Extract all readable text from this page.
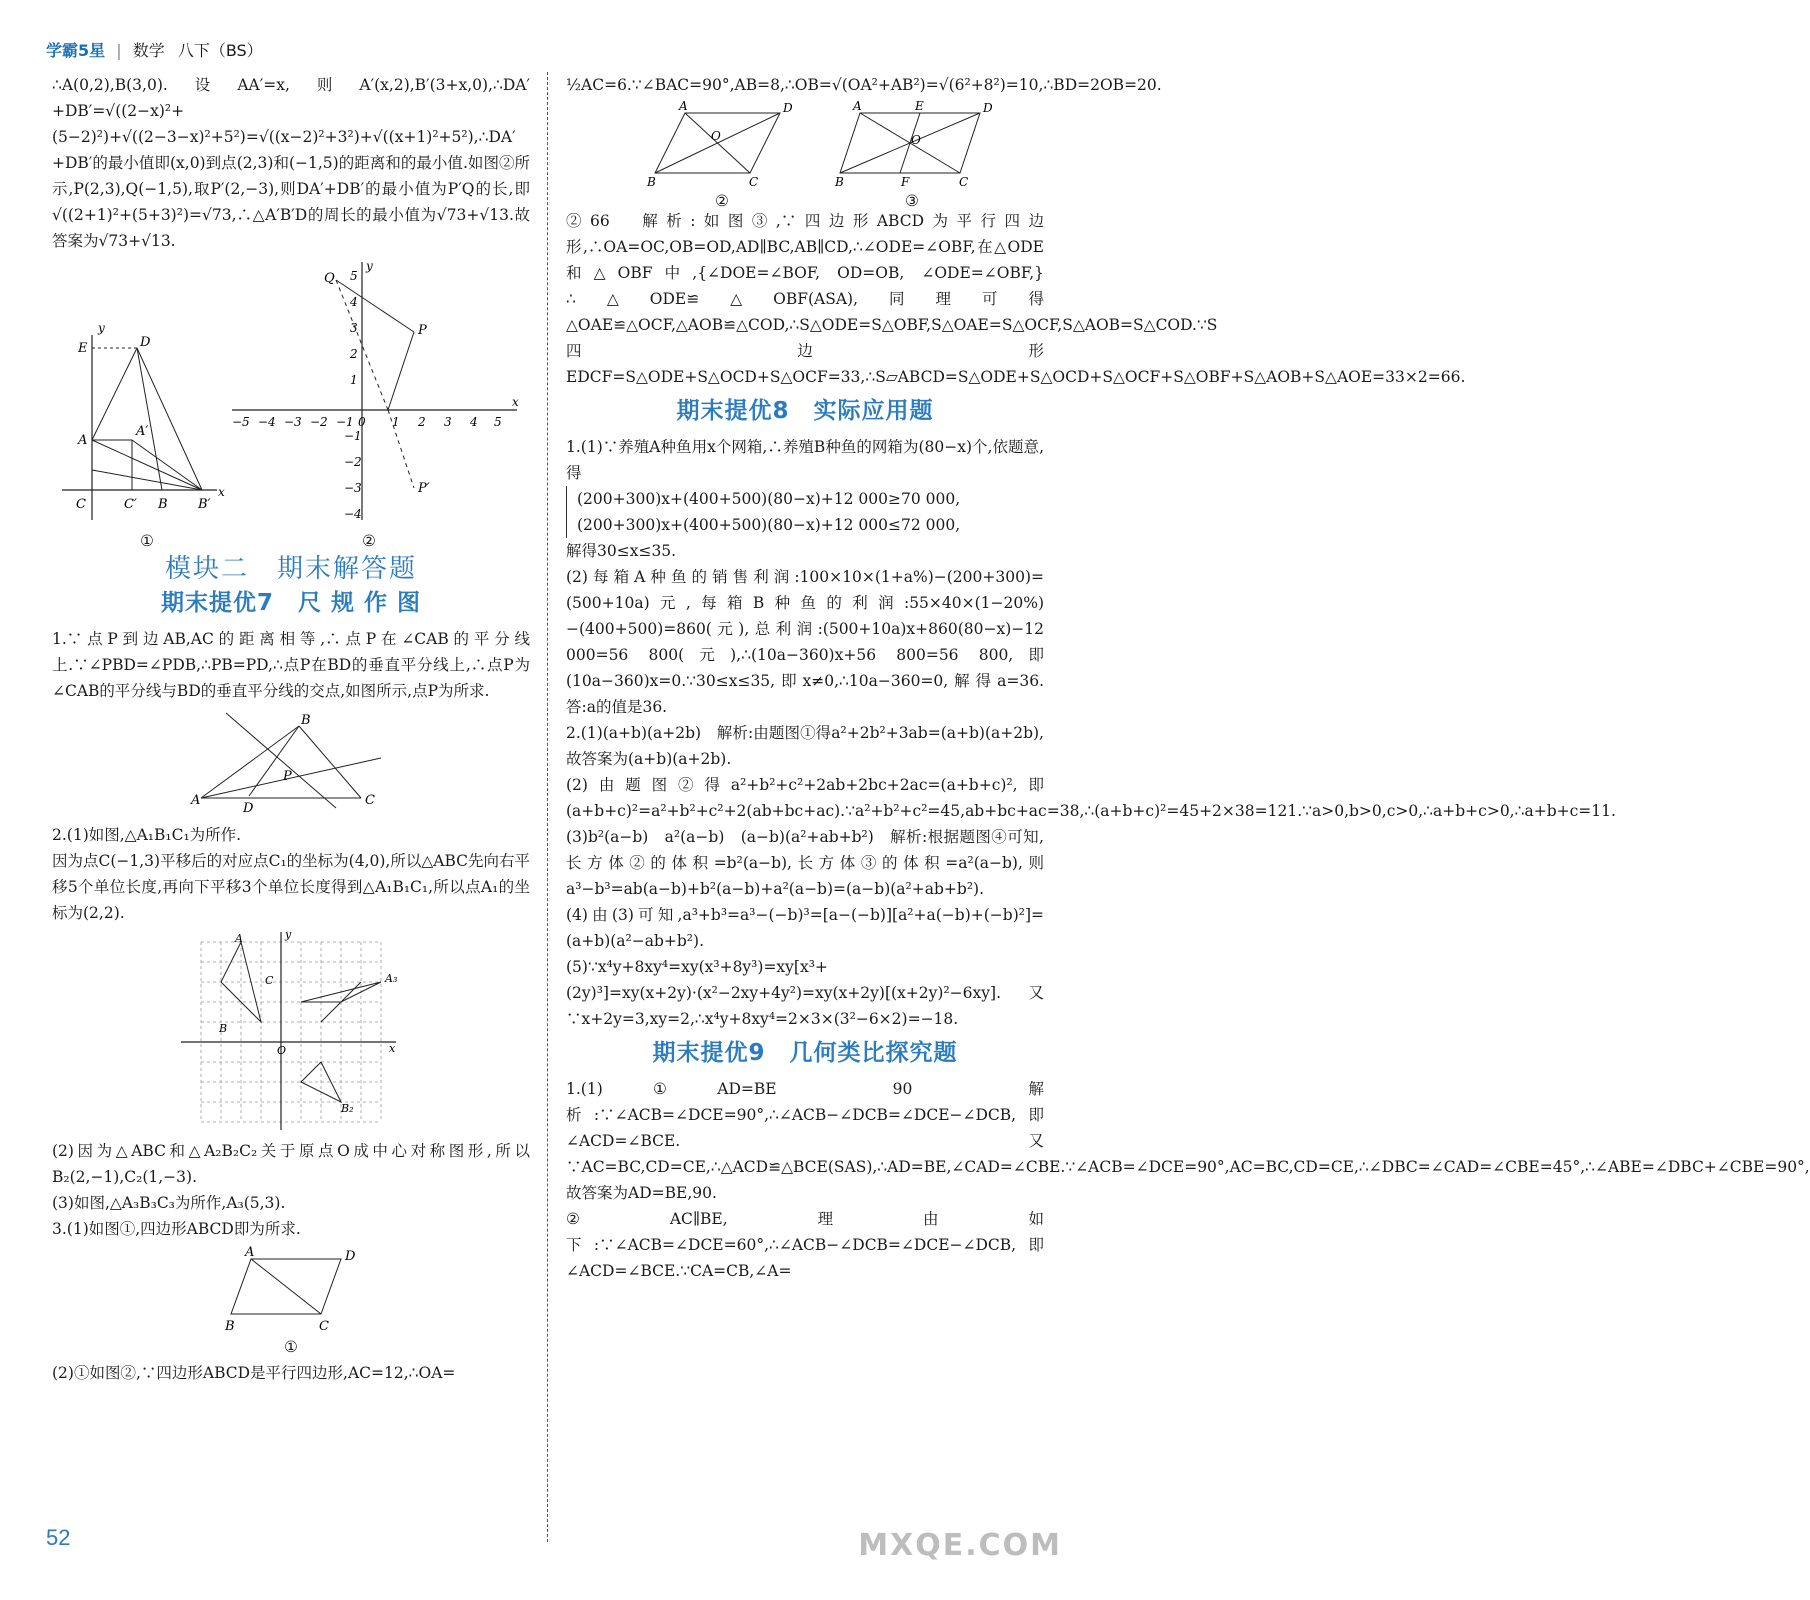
学霸5星 | 数学 八下（BS）

∴A(0,2),B(3,0).设AA′=x,则A′(x,2),B′(3+x,0),∴DA′+DB′=√((2−x)²+(5−2)²)+√((2−3−x)²+5²)=√((x−2)²+3²)+√((x+1)²+5²),∴DA′+DB′的最小值即(x,0)到点(2,3)和(−1,5)的距离和的最小值.如图②所示,P(2,3),Q(−1,5),取P′(2,−3),则DA′+DB′的最小值为P′Q的长,即√((2+1)²+(5+3)²)=√73,∴△A′B′D的周长的最小值为√73+√13.故答案为√73+√13.

E	D
A
A′
C	C′ B B′
x
y
−5 −4 −3 −2 −1 0 1 2 3 4 5
1
2
3
4
5
−1
−2
−3
−4
Q
P
P′
x
y
①	②
模块二　期末解答题
期末提优7　尺 规 作 图

1.∵点P到边AB,AC的距离相等,∴点P在∠CAB的平分线上.∵∠PBD=∠PDB,∴PB=PD,∴点P在BD的垂直平分线上,∴点P为∠CAB的平分线与BD的垂直平分线的交点,如图所示,点P为所求.

A
B
C
D
P

2.(1)如图,△A₁B₁C₁为所作.

因为点C(−1,3)平移后的对应点C₁的坐标为(4,0),所以△ABC先向右平移5个单位长度,再向下平移3个单位长度得到△A₁B₁C₁,所以点A₁的坐标为(2,2).

A
B
C
O
A₃
B₂
x
y

(2)因为△ABC和△A₂B₂C₂关于原点O成中心对称图形,所以B₂(2,−1),C₂(1,−3).

(3)如图,△A₃B₃C₃为所作,A₃(5,3).

3.(1)如图①,四边形ABCD即为所求.

A	D
B	C
①

(2)①如图②,∵四边形ABCD是平行四边形,AC=12,∴OA=

½AC=6.∵∠BAC=90°,AB=8,∴OB=√(OA²+AB²)=√(6²+8²)=10,∴BD=2OB=20.

A	D
B	C
O
A	E	D
B	F	C
O
②	③

②66　解析:如图③,∵四边形ABCD为平行四边形,∴OA=OC,OB=OD,AD∥BC,AB∥CD,∴∠ODE=∠OBF,在△ODE和△OBF中,{∠DOE=∠BOF, OD=OB, ∠ODE=∠OBF,}∴△ODE≌△OBF(ASA),同理可得△OAE≌△OCF,△AOB≌△COD,∴S△ODE=S△OBF,S△OAE=S△OCF,S△AOB=S△COD.∵S四边形EDCF=S△ODE+S△OCD+S△OCF=33,∴S▱ABCD=S△ODE+S△OCD+S△OCF+S△OBF+S△AOB+S△AOE=33×2=66.

期末提优8　实际应用题

1.(1)∵养殖A种鱼用x个网箱,∴养殖B种鱼的网箱为(80−x)个,依题意,得

(200+300)x+(400+500)(80−x)+12 000≥70 000,

(200+300)x+(400+500)(80−x)+12 000≤72 000,

解得30≤x≤35.

(2)每箱A种鱼的销售利润:100×10×(1+a%)−(200+300)=(500+10a)元,每箱B种鱼的利润:55×40×(1−20%)−(400+500)=860(元),总利润:(500+10a)x+860(80−x)−12 000=56 800(元),∴(10a−360)x+56 800=56 800,即(10a−360)x=0.∵30≤x≤35,即x≠0,∴10a−360=0,解得a=36.答:a的值是36.

2.(1)(a+b)(a+2b)　解析:由题图①得a²+2b²+3ab=(a+b)(a+2b),故答案为(a+b)(a+2b).

(2)由题图②得a²+b²+c²+2ab+2bc+2ac=(a+b+c)²,即(a+b+c)²=a²+b²+c²+2(ab+bc+ac).∵a²+b²+c²=45,ab+bc+ac=38,∴(a+b+c)²=45+2×38=121.∵a>0,b>0,c>0,∴a+b+c>0,∴a+b+c=11.

(3)b²(a−b)　a²(a−b)　(a−b)(a²+ab+b²)　解析:根据题图④可知,长方体②的体积=b²(a−b),长方体③的体积=a²(a−b),则a³−b³=ab(a−b)+b²(a−b)+a²(a−b)=(a−b)(a²+ab+b²).

(4)由(3)可知,a³+b³=a³−(−b)³=[a−(−b)][a²+a(−b)+(−b)²]=(a+b)(a²−ab+b²).

(5)∵x⁴y+8xy⁴=xy(x³+8y³)=xy[x³+(2y)³]=xy(x+2y)·(x²−2xy+4y²)=xy(x+2y)[(x+2y)²−6xy].又∵x+2y=3,xy=2,∴x⁴y+8xy⁴=2×3×(3²−6×2)=−18.

期末提优9　几何类比探究题

1.(1)①AD=BE　90　解析:∵∠ACB=∠DCE=90°,∴∠ACB−∠DCB=∠DCE−∠DCB,即∠ACD=∠BCE.又∵AC=BC,CD=CE,∴△ACD≌△BCE(SAS),∴AD=BE,∠CAD=∠CBE.∵∠ACB=∠DCE=90°,AC=BC,CD=CE,∴∠DBC=∠CAD=∠CBE=45°,∴∠ABE=∠DBC+∠CBE=90°,故答案为AD=BE,90.

②AC∥BE,理由如下:∵∠ACB=∠DCE=60°,∴∠ACB−∠DCB=∠DCE−∠DCB,即∠ACD=∠BCE.∵CA=CB,∠A=

52	MXQE.COM
